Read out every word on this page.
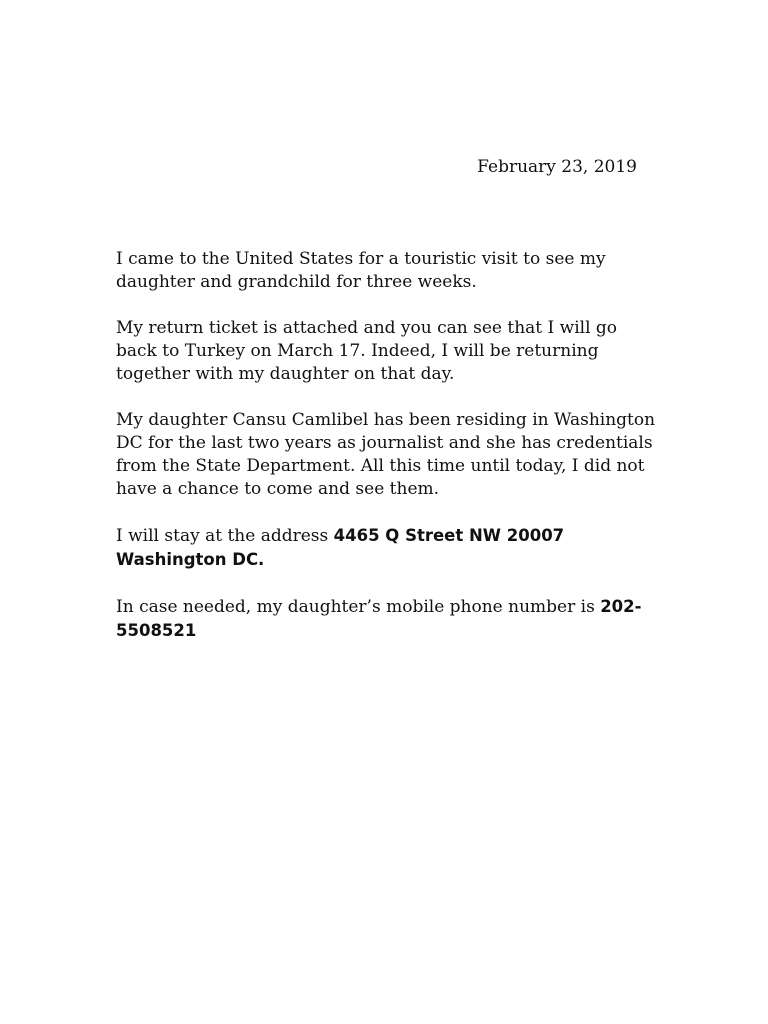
February 23, 2019

I came to the United States for a touristic visit to see my daughter and grandchild for three weeks.

My return ticket is attached and you can see that I will go back to Turkey on March 17. Indeed, I will be returning together with my daughter on that day.

My daughter Cansu Camlibel has been residing in Washington DC for the last two years as journalist and she has credentials from the State Department. All this time until today, I did not have a chance to come and see them.

I will stay at the address 4465 Q Street NW 20007 Washington DC.

In case needed, my daughter’s mobile phone number is 202-5508521
